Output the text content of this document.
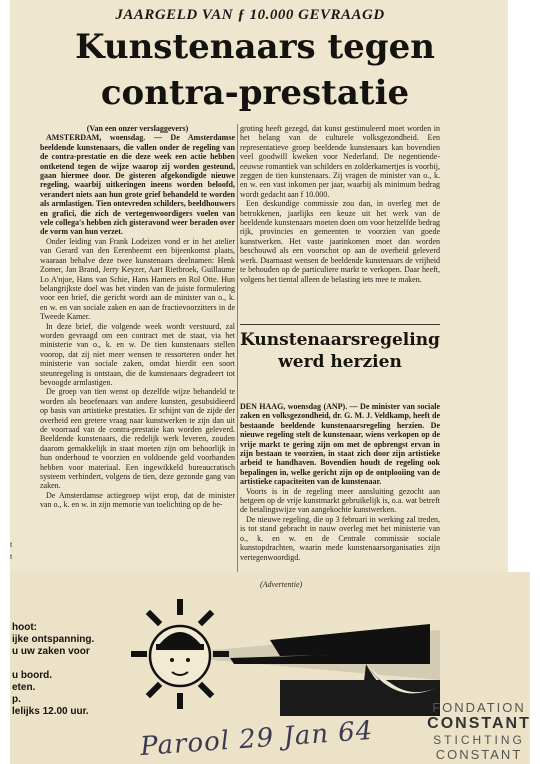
JAARGELD VAN ƒ 10.000 GEVRAAGD
Kunstenaars tegen
contra-prestatie

(Van een onzer verslaggevers)

AMSTERDAM, woensdag. — De Amsterdamse beeldende kunstenaars, die vallen onder de regeling van de contra-prestatie en die deze week een actie hebben ontketend tegen de wijze waarop zij worden gesteund, gaan hiermee door. De gisteren afgekondigde nieuwe regeling, waarbij uitkeringen ineens worden beloofd, verandert niets aan hun grote grief behandeld te worden als armlastigen. Tien ontevreden schilders, beeldhouwers en grafici, die zich de vertegenwoordigers voelen van vele collega's hebben zich gisteravond weer beraden over de vorm van hun verzet.

Onder leiding van Frank Lodeizen vond er in het atelier van Gerard van den Eerenbeemt een bijeenkomst plaats, waaraan behalve deze twee kunstenaars deelnamen: Henk Zomer, Jan Brand, Jerry Keyzer, Aart Rietbroek, Guillaume Lo A'njoe, Hans van Schie, Hans Hamers en Rol Otte. Hun belangrijkste doel was het vinden van de juiste formulering voor een brief, die gericht wordt aan de minister van o., k. en w. en van sociale zaken en aan de fractievoorzitters in de Tweede Kamer.

In deze brief, die volgende week wordt verstuurd, zal worden gevraagd om een contract met de staat, via het ministerie van o., k. en w. De tien kunstenaars stellen voorop, dat zij niet meer wensen te ressorteren onder het ministerie van sociale zaken, omdat hierdit een soort steunregeling is ontstaan, die de kunstenaars degradeert tot bevoogde armlastigen.

De groep van tien wenst op dezelfde wijze behandeld te worden als beoefenaars van andere kunsten, gesubsidieerd op basis van artistieke prestaties. Er schijnt van de zijde der overheid een gretere vraag naar kunstwerken te zijn dan uit de voorraad van de contra-prestatie kan worden geleverd. Beeldende kunstenaars, die redelijk werk leveren, zouden daarom gemakkelijk in staat moeten zijn om behoorlijk in hun onderhoud te voorzien en voldoende geld voorhanden hebben voor materiaal. Een ingewikkeld bureaucratisch systeem verhindert, volgens de tien, deze gezonde gang van zaken.

De Amsterdamse actiegroep wijst erop, dat de minister van o., k. en w. in zijn memorie van toelichting op de be-

groting heeft gezegd, dat kunst gestimuleerd moet worden in het belang van de culturele volksgezondheid. Een representatieve groep beeldende kunstenaars kan bovendien veel goodwill kweken voor Nederland. De negentiende-eeuwse romantiek van schilders en zolderkamertjes is voorbij, zeggen de tien kunstenaars. Zij vragen de minister van o., k. en w. een vast inkomen per jaar, waarbij als minimum bedrag wordt gedacht aan f 10.000.

Een deskundige commissie zou dan, in overleg met de betrokkenen, jaarlijks een keuze uit het werk van de beeldende kunstenaars moeten doen om voor hetzelfde bedrag rijk, provincies en gemeenten te voorzien van goede kunstwerken. Het vaste jaarinkomen moet dan worden beschouwd als een voorschot op aan de overheid geleverd werk. Daarnaast wensen de beeldende kunstenaars de vrijheid te behouden op de particuliere markt te verkopen. Daar heeft, volgens het tiental alleen de belasting iets mee te maken.

Kunstenaarsregeling
werd herzien

DEN HAAG, woensdag (ANP). — De minister van sociale zaken en volksgezondheid, dr. G. M. J. Veldkamp, heeft de bestaande beeldende kunstenaarsregeling herzien. De nieuwe regeling stelt de kunstenaar, wiens verkopen op de vrije markt te gering zijn om met de opbrengst ervan in zijn bestaan te voorzien, in staat zich door zijn artistieke arbeid te handhaven. Bovendien houdt de regeling ook bepalingen in, welke gericht zijn op de ontplooiing van de artistieke capaciteiten van de kunstenaar.

Voorts is in de regeling meer aansluiting gezocht aan hetgeen op de vrije kunstmarkt gebruikelijk is, o.a. wat betreft de betalingswijze van aangekochte kunstwerken.

De nieuwe regeling, die op 3 februari in werking zal treden, is tot stand gebracht in nauw overleg met het ministerie van o., k. en w. en de Centrale commissie sociale kunstopdrachten, waarin mede kunstenaarsorganisaties zijn vertegenwoordigd.

t
t
(Advertentie)
hoot:
ijke ontspanning.
u uw zaken voor

u boord.
eten.
p.
lelijks 12.00 uur.
Parool 29 Jan 64
FONDATION
CONSTANT
STICHTING
CONSTANT
